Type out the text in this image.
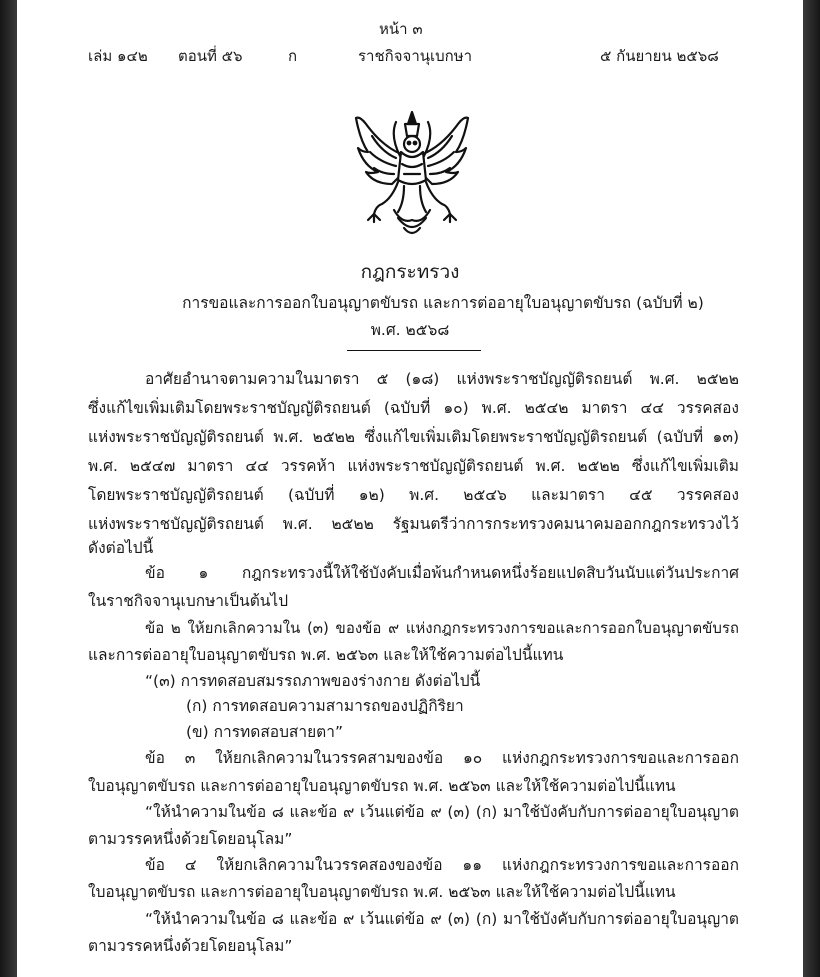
หน้า ๓
เล่ม ๑๔๒ ตอนที่ ๕๖	ก	ราชกิจจานุเบกษา	๕ กันยายน ๒๕๖๘
กฎกระทรวง
การขอและการออกใบอนุญาตขับรถ และการต่ออายุใบอนุญาตขับรถ (ฉบับที่ ๒)
พ.ศ. ๒๕๖๘
อาศัยอำนาจตามความในมาตรา ๕ (๑๘) แห่งพระราชบัญญัติรถยนต์ พ.ศ. ๒๕๒๒
ซึ่งแก้ไขเพิ่มเติมโดยพระราชบัญญัติรถยนต์ (ฉบับที่ ๑๐) พ.ศ. ๒๕๔๒ มาตรา ๔๔ วรรคสอง
แห่งพระราชบัญญัติรถยนต์ พ.ศ. ๒๕๒๒ ซึ่งแก้ไขเพิ่มเติมโดยพระราชบัญญัติรถยนต์ (ฉบับที่ ๑๓)
พ.ศ. ๒๕๔๗ มาตรา ๔๔ วรรคห้า แห่งพระราชบัญญัติรถยนต์ พ.ศ. ๒๕๒๒ ซึ่งแก้ไขเพิ่มเติม
โดยพระราชบัญญัติรถยนต์ (ฉบับที่ ๑๒) พ.ศ. ๒๕๔๖ และมาตรา ๔๕ วรรคสอง
แห่งพระราชบัญญัติรถยนต์ พ.ศ. ๒๕๒๒ รัฐมนตรีว่าการกระทรวงคมนาคมออกกฎกระทรวงไว้
ดังต่อไปนี้
ข้อ ๑ กฎกระทรวงนี้ให้ใช้บังคับเมื่อพ้นกำหนดหนึ่งร้อยแปดสิบวันนับแต่วันประกาศ
ในราชกิจจานุเบกษาเป็นต้นไป
ข้อ ๒ ให้ยกเลิกความใน (๓) ของข้อ ๙ แห่งกฎกระทรวงการขอและการออกใบอนุญาตขับรถ
และการต่ออายุใบอนุญาตขับรถ พ.ศ. ๒๕๖๓ และให้ใช้ความต่อไปนี้แทน
“(๓) การทดสอบสมรรถภาพของร่างกาย ดังต่อไปนี้
(ก) การทดสอบความสามารถของปฏิกิริยา
(ข) การทดสอบสายตา”
ข้อ ๓ ให้ยกเลิกความในวรรคสามของข้อ ๑๐ แห่งกฎกระทรวงการขอและการออก
ใบอนุญาตขับรถ และการต่ออายุใบอนุญาตขับรถ พ.ศ. ๒๕๖๓ และให้ใช้ความต่อไปนี้แทน
“ให้นำความในข้อ ๘ และข้อ ๙ เว้นแต่ข้อ ๙ (๓) (ก) มาใช้บังคับกับการต่ออายุใบอนุญาต
ตามวรรคหนึ่งด้วยโดยอนุโลม”
ข้อ ๔ ให้ยกเลิกความในวรรคสองของข้อ ๑๑ แห่งกฎกระทรวงการขอและการออก
ใบอนุญาตขับรถ และการต่ออายุใบอนุญาตขับรถ พ.ศ. ๒๕๖๓ และให้ใช้ความต่อไปนี้แทน
“ให้นำความในข้อ ๘ และข้อ ๙ เว้นแต่ข้อ ๙ (๓) (ก) มาใช้บังคับกับการต่ออายุใบอนุญาต
ตามวรรคหนึ่งด้วยโดยอนุโลม”
